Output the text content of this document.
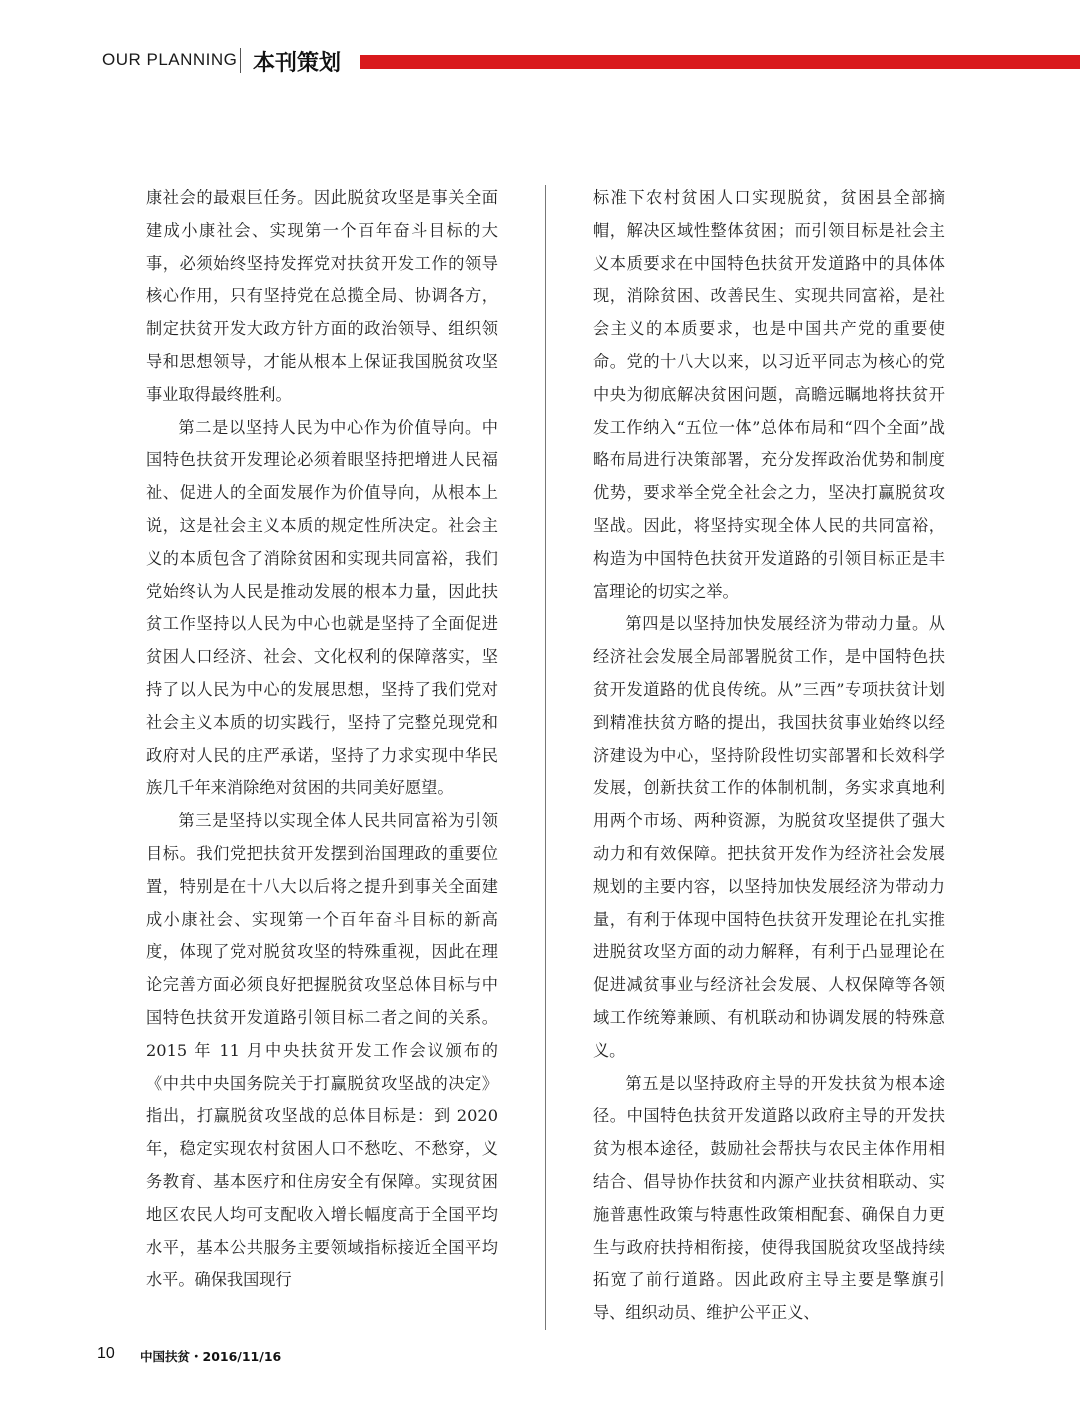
OUR PLANNING 本刊策划

康社会的最艰巨任务。因此脱贫攻坚是事关全面建成小康社会、实现第一个百年奋斗目标的大事，必须始终坚持发挥党对扶贫开发工作的领导核心作用，只有坚持党在总揽全局、协调各方，制定扶贫开发大政方针方面的政治领导、组织领导和思想领导，才能从根本上保证我国脱贫攻坚事业取得最终胜利。

第二是以坚持人民为中心作为价值导向。中国特色扶贫开发理论必须着眼坚持把增进人民福祉、促进人的全面发展作为价值导向，从根本上说，这是社会主义本质的规定性所决定。社会主义的本质包含了消除贫困和实现共同富裕，我们党始终认为人民是推动发展的根本力量，因此扶贫工作坚持以人民为中心也就是坚持了全面促进贫困人口经济、社会、文化权利的保障落实，坚持了以人民为中心的发展思想，坚持了我们党对社会主义本质的切实践行，坚持了完整兑现党和政府对人民的庄严承诺，坚持了力求实现中华民族几千年来消除绝对贫困的共同美好愿望。

第三是坚持以实现全体人民共同富裕为引领目标。我们党把扶贫开发摆到治国理政的重要位置，特别是在十八大以后将之提升到事关全面建成小康社会、实现第一个百年奋斗目标的新高度，体现了党对脱贫攻坚的特殊重视，因此在理论完善方面必须良好把握脱贫攻坚总体目标与中国特色扶贫开发道路引领目标二者之间的关系。2015 年 11 月中央扶贫开发工作会议颁布的《中共中央国务院关于打赢脱贫攻坚战的决定》指出，打赢脱贫攻坚战的总体目标是：到 2020 年，稳定实现农村贫困人口不愁吃、不愁穿，义务教育、基本医疗和住房安全有保障。实现贫困地区农民人均可支配收入增长幅度高于全国平均水平，基本公共服务主要领域指标接近全国平均水平。确保我国现行

标准下农村贫困人口实现脱贫，贫困县全部摘帽，解决区域性整体贫困；而引领目标是社会主义本质要求在中国特色扶贫开发道路中的具体体现，消除贫困、改善民生、实现共同富裕，是社会主义的本质要求，也是中国共产党的重要使命。党的十八大以来，以习近平同志为核心的党中央为彻底解决贫困问题，高瞻远瞩地将扶贫开发工作纳入“五位一体”总体布局和“四个全面”战略布局进行决策部署，充分发挥政治优势和制度优势，要求举全党全社会之力，坚决打赢脱贫攻坚战。因此，将坚持实现全体人民的共同富裕，构造为中国特色扶贫开发道路的引领目标正是丰富理论的切实之举。

第四是以坚持加快发展经济为带动力量。从经济社会发展全局部署脱贫工作，是中国特色扶贫开发道路的优良传统。从”三西”专项扶贫计划到精准扶贫方略的提出，我国扶贫事业始终以经济建设为中心，坚持阶段性切实部署和长效科学发展，创新扶贫工作的体制机制，务实求真地利用两个市场、两种资源，为脱贫攻坚提供了强大动力和有效保障。把扶贫开发作为经济社会发展规划的主要内容，以坚持加快发展经济为带动力量，有利于体现中国特色扶贫开发理论在扎实推进脱贫攻坚方面的动力解释，有利于凸显理论在促进减贫事业与经济社会发展、人权保障等各领域工作统筹兼顾、有机联动和协调发展的特殊意义。

第五是以坚持政府主导的开发扶贫为根本途径。中国特色扶贫开发道路以政府主导的开发扶贫为根本途径，鼓励社会帮扶与农民主体作用相结合、倡导协作扶贫和内源产业扶贫相联动、实施普惠性政策与特惠性政策相配套、确保自力更生与政府扶持相衔接，使得我国脱贫攻坚战持续拓宽了前行道路。因此政府主导主要是擎旗引导、组织动员、维护公平正义、

10 中国扶贫・2016/11/16
